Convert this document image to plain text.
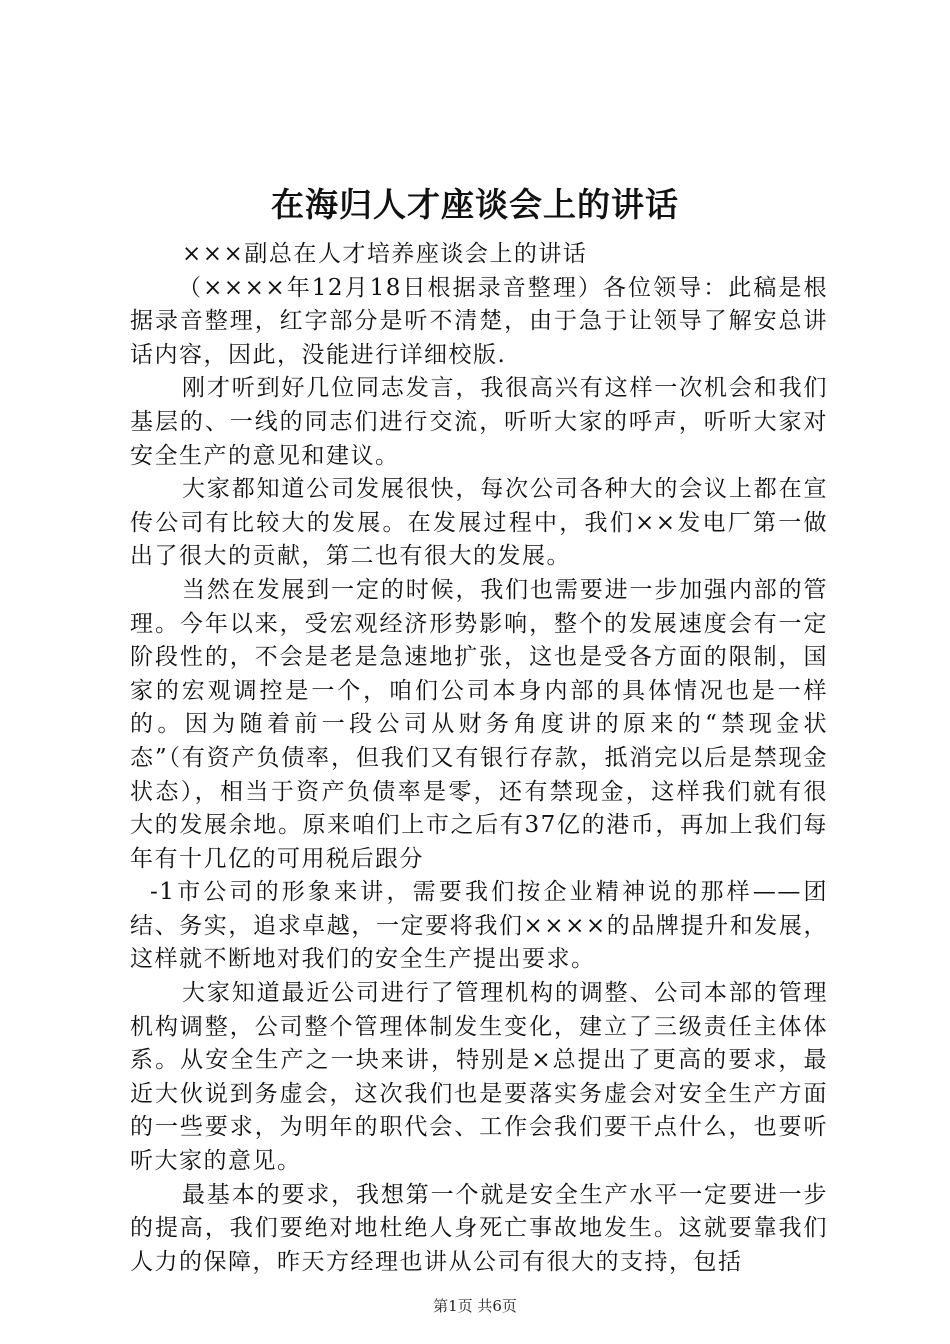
在海归人才座谈会上的讲话

×××副总在人才培养座谈会上的讲话

（××××年12月18日根据录音整理）各位领导：此稿是根据录音整理，红字部分是听不清楚，由于急于让领导了解安总讲话内容，因此，没能进行详细校版.

刚才听到好几位同志发言，我很高兴有这样一次机会和我们基层的、一线的同志们进行交流，听听大家的呼声，听听大家对安全生产的意见和建议。

大家都知道公司发展很快，每次公司各种大的会议上都在宣传公司有比较大的发展。在发展过程中，我们××发电厂第一做出了很大的贡献，第二也有很大的发展。

当然在发展到一定的时候，我们也需要进一步加强内部的管理。今年以来，受宏观经济形势影响，整个的发展速度会有一定阶段性的，不会是老是急速地扩张，这也是受各方面的限制，国家的宏观调控是一个，咱们公司本身内部的具体情况也是一样的。因为随着前一段公司从财务角度讲的原来的“禁现金状态”（有资产负债率，但我们又有银行存款，抵消完以后是禁现金状态），相当于资产负债率是零，还有禁现金，这样我们就有很大的发展余地。原来咱们上市之后有37亿的港币，再加上我们每年有十几亿的可用税后跟分

-1市公司的形象来讲，需要我们按企业精神说的那样——团结、务实，追求卓越，一定要将我们××××的品牌提升和发展，这样就不断地对我们的安全生产提出要求。

大家知道最近公司进行了管理机构的调整、公司本部的管理机构调整，公司整个管理体制发生变化，建立了三级责任主体体系。从安全生产之一块来讲，特别是×总提出了更高的要求，最近大伙说到务虚会，这次我们也是要落实务虚会对安全生产方面的一些要求，为明年的职代会、工作会我们要干点什么，也要听听大家的意见。

最基本的要求，我想第一个就是安全生产水平一定要进一步的提高，我们要绝对地杜绝人身死亡事故地发生。这就要靠我们人力的保障，昨天方经理也讲从公司有很大的支持，包括

第1页 共6页
